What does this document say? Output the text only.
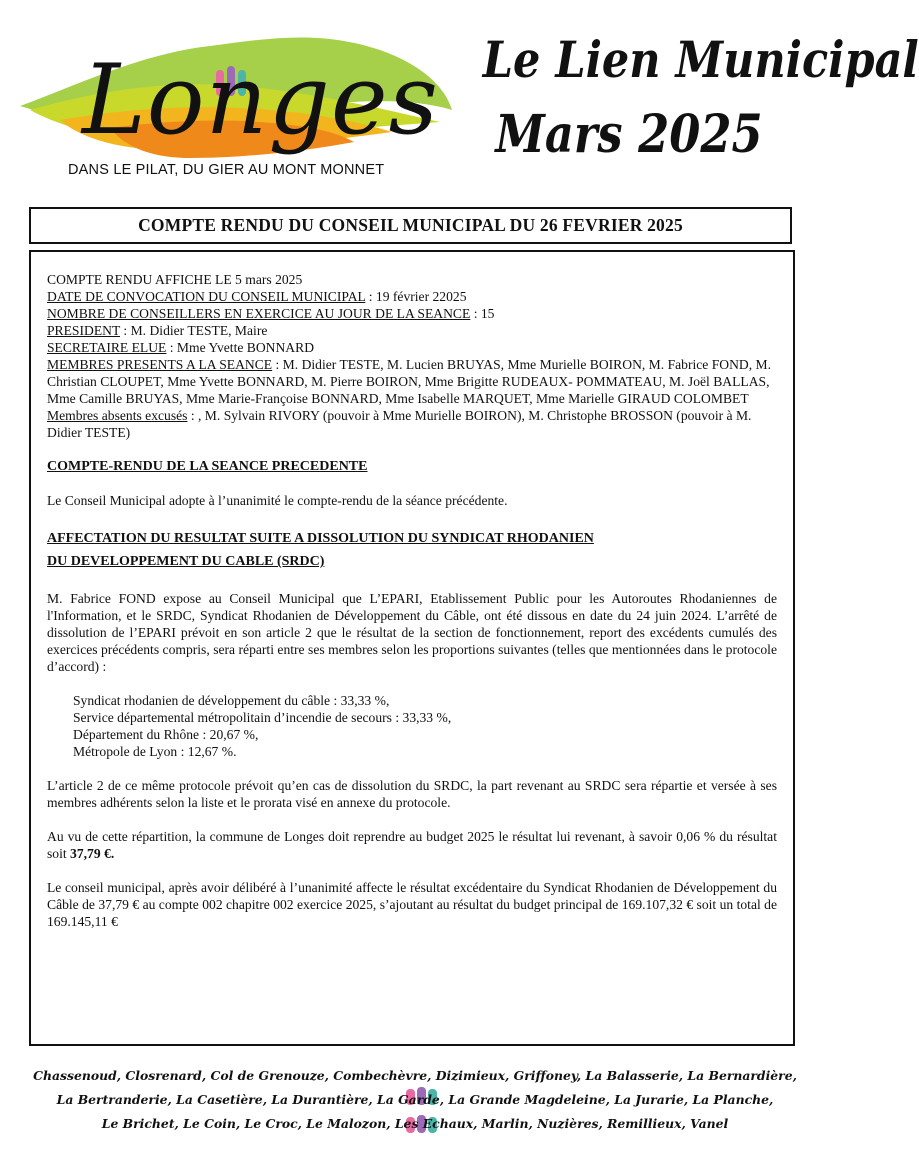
Longes
DANS LE PILAT, DU GIER AU MONT MONNET
Le Lien Municipal
Mars 2025
COMPTE RENDU DU CONSEIL MUNICIPAL DU 26 FEVRIER 2025

COMPTE RENDU AFFICHE LE 5 mars 2025

DATE DE CONVOCATION DU CONSEIL MUNICIPAL : 19 février 22025

NOMBRE DE CONSEILLERS EN EXERCICE AU JOUR DE LA SEANCE : 15

PRESIDENT : M. Didier TESTE, Maire

SECRETAIRE ELUE : Mme Yvette BONNARD

MEMBRES PRESENTS A LA SEANCE : M. Didier TESTE, M. Lucien BRUYAS, Mme Murielle BOIRON, M. Fabrice FOND, M. Christian CLOUPET, Mme Yvette BONNARD, M. Pierre BOIRON, Mme Brigitte RUDEAUX- POMMATEAU, M. Joël BALLAS, Mme Camille BRUYAS, Mme Marie-Françoise BONNARD, Mme Isabelle MARQUET, Mme Marielle GIRAUD COLOMBET

Membres absents excusés : , M. Sylvain RIVORY (pouvoir à Mme Murielle BOIRON), M. Christophe BROSSON (pouvoir à M. Didier TESTE)

COMPTE-RENDU DE LA SEANCE PRECEDENTE

Le Conseil Municipal adopte à l’unanimité le compte-rendu de la séance précédente.

AFFECTATION DU RESULTAT SUITE A DISSOLUTION DU SYNDICAT RHODANIEN

DU DEVELOPPEMENT DU CABLE (SRDC)

M. Fabrice FOND expose au Conseil Municipal que L’EPARI, Etablissement Public pour les Autoroutes Rhodaniennes de l'Information, et le SRDC, Syndicat Rhodanien de Développement du Câble, ont été dissous en date du 24 juin 2024. L’arrêté de dissolution de l’EPARI prévoit en son article 2 que le résultat de la section de fonctionnement, report des excédents cumulés des exercices précédents compris, sera réparti entre ses membres selon les proportions suivantes (telles que mentionnées dans le protocole d’accord) :

Syndicat rhodanien de développement du câble : 33,33 %,

Service départemental métropolitain d’incendie de secours : 33,33 %,

Département du Rhône : 20,67 %,

Métropole de Lyon : 12,67 %.

L’article 2 de ce même protocole prévoit qu’en cas de dissolution du SRDC, la part revenant au SRDC sera répartie et versée à ses membres adhérents selon la liste et le prorata visé en annexe du protocole.

Au vu de cette répartition, la commune de Longes doit reprendre au budget 2025 le résultat lui revenant, à savoir 0,06 % du résultat soit 37,79 €.

Le conseil municipal, après avoir délibéré à l’unanimité affecte le résultat excédentaire du Syndicat Rhodanien de Développement du Câble de 37,79 € au compte 002 chapitre 002 exercice 2025, s’ajoutant au résultat du budget principal de 169.107,32 € soit un total de 169.145,11 €

Chassenoud, Closrenard, Col de Grenouze, Combechèvre, Dizimieux, Griffoney, La Balasserie, La Bernardière,
La Bertranderie, La Casetière, La Durantière, La Garde, La Grande Magdeleine, La Jurarie, La Planche,
Le Brichet, Le Coin, Le Croc, Le Malozon, Les Echaux, Marlin, Nuzières, Remillieux, Vanel
